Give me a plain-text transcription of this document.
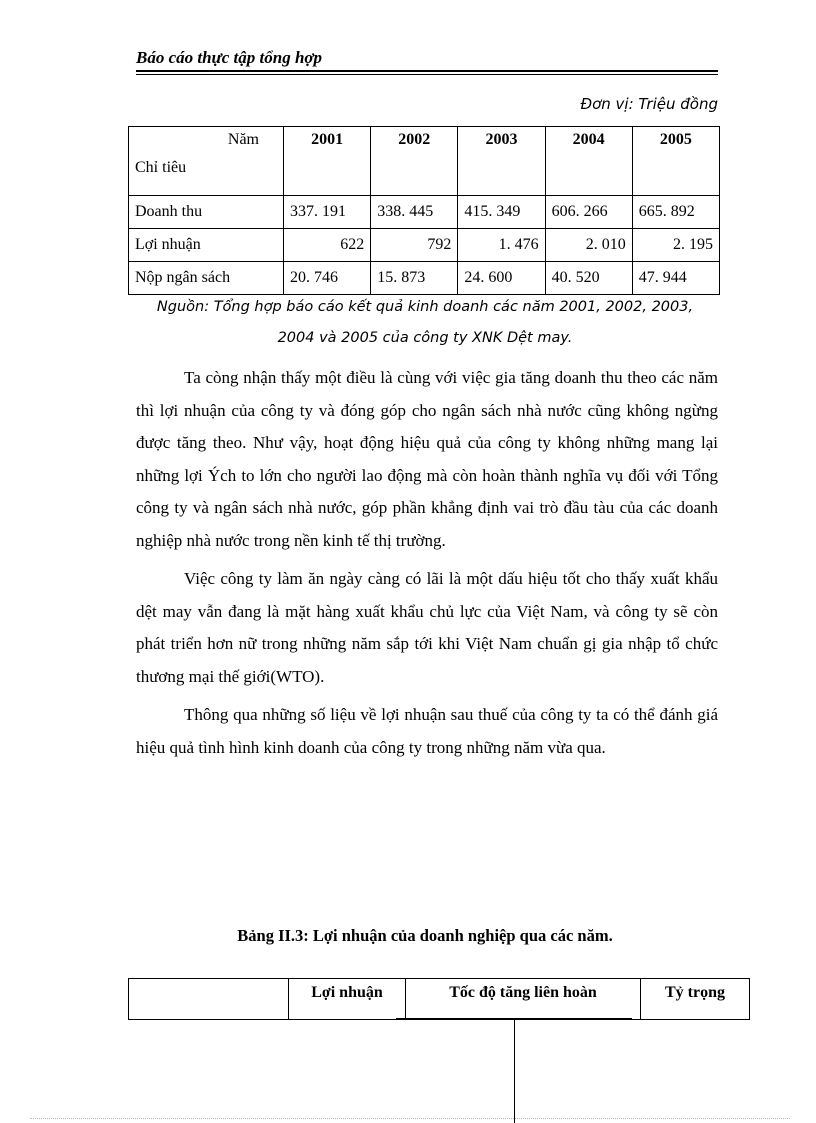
Báo cáo thực tập tổng hợp
Đơn vị: Triệu đồng
Năm
Chỉ tiêu	2001	2002	2003	2004	2005
Doanh thu	337. 191	338. 445	415. 349	606. 266	665. 892
Lợi nhuận	622	792	1. 476	2. 010	2. 195
Nộp ngân sách	20. 746	15. 873	24. 600	40. 520	47. 944
Nguồn: Tổng hợp báo cáo kết quả kinh doanh các năm 2001, 2002, 2003,
2004 và 2005 của công ty XNK Dệt may.

Ta còng nhận thấy một điều là cùng với việc gia tăng doanh thu theo các năm thì lợi nhuận của công ty và đóng góp cho ngân sách nhà nước cũng không ngừng được tăng theo. Như vậy, hoạt động hiệu quả của công ty không những mang lại những lợi Ých to lớn cho người lao động mà còn hoàn thành nghĩa vụ đối với Tổng công ty và ngân sách nhà nước, góp phần khẳng định vai trò đầu tàu của các doanh nghiệp nhà nước trong nền kinh tế thị trường.

Việc công ty làm ăn ngày càng có lãi là một dấu hiệu tốt cho thấy xuất khẩu dệt may vẫn đang là mặt hàng xuất khẩu chủ lực của Việt Nam, và công ty sẽ còn phát triển hơn nữ trong những năm sắp tới khi Việt Nam chuẩn gị gia nhập tổ chức thương mại thế giới(WTO).

Thông qua những số liệu về lợi nhuận sau thuế của công ty ta có thể đánh giá hiệu quả tình hình kinh doanh của công ty trong những năm vừa qua.

Bảng II.3: Lợi nhuận của doanh nghiệp qua các năm.
	Lợi nhuận	Tốc độ tăng liên hoàn	Tỷ trọng
